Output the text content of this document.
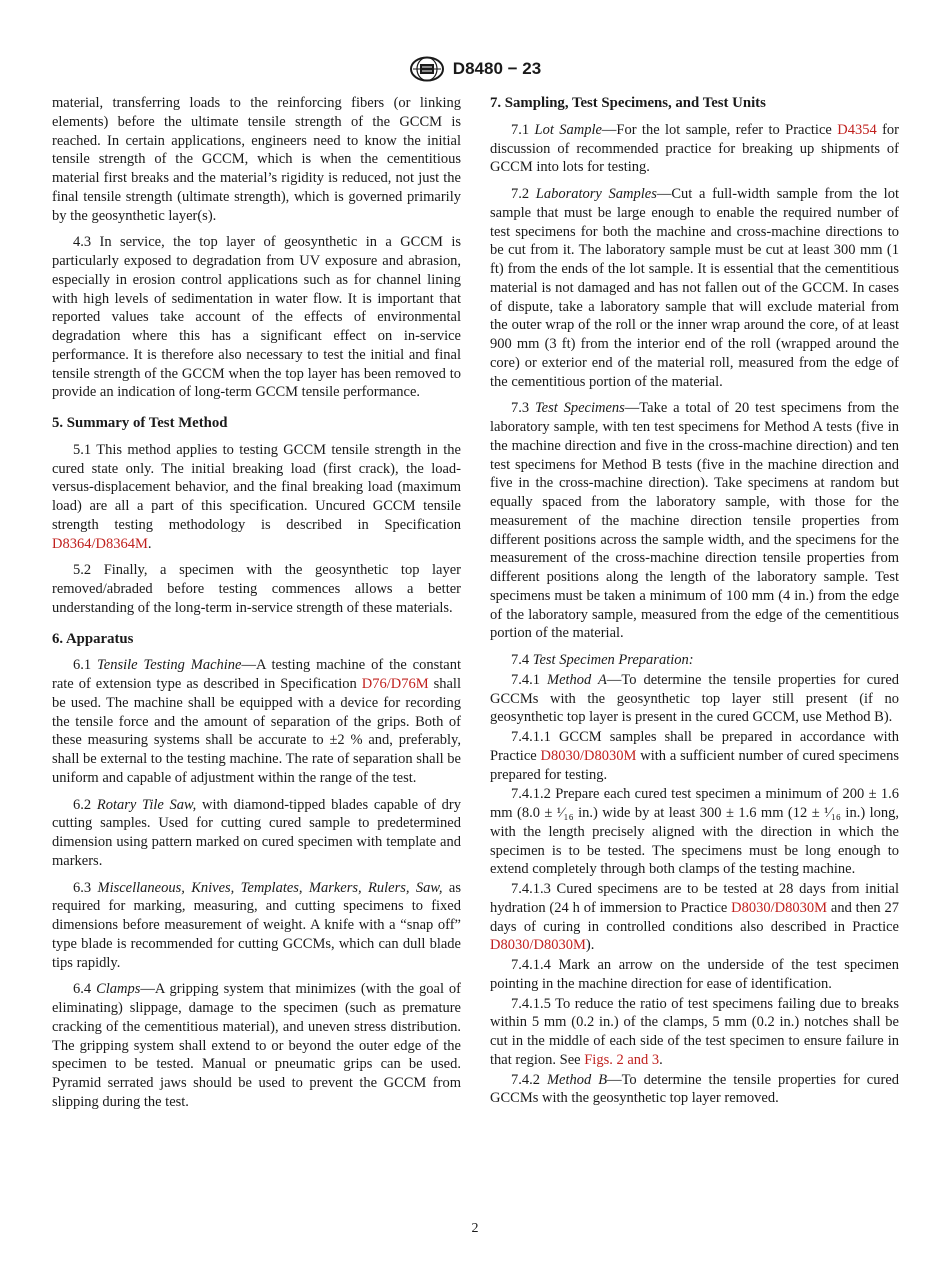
D8480 − 23

material, transferring loads to the reinforcing fibers (or linking elements) before the ultimate tensile strength of the GCCM is reached. In certain applications, engineers need to know the initial tensile strength of the GCCM, which is when the cementitious material first breaks and the material’s rigidity is reduced, not just the final tensile strength (ultimate strength), which is governed primarily by the geosynthetic layer(s).

4.3 In service, the top layer of geosynthetic in a GCCM is particularly exposed to degradation from UV exposure and abrasion, especially in erosion control applications such as for channel lining with high levels of sedimentation in water flow. It is important that reported values take account of the effects of environmental degradation where this has a significant effect on in-service performance. It is therefore also necessary to test the initial and final tensile strength of the GCCM when the top layer has been removed to provide an indication of long-term GCCM tensile performance.

5. Summary of Test Method

5.1 This method applies to testing GCCM tensile strength in the cured state only. The initial breaking load (first crack), the load-versus-displacement behavior, and the final breaking load (maximum load) are all a part of this specification. Uncured GCCM tensile strength testing methodology is described in Specification D8364/D8364M.

5.2 Finally, a specimen with the geosynthetic top layer removed/abraded before testing commences allows a better understanding of the long-term in-service strength of these materials.

6. Apparatus

6.1 Tensile Testing Machine—A testing machine of the constant rate of extension type as described in Specification D76/D76M shall be used. The machine shall be equipped with a device for recording the tensile force and the amount of separation of the grips. Both of these measuring systems shall be accurate to ±2 % and, preferably, shall be external to the testing machine. The rate of separation shall be uniform and capable of adjustment within the range of the test.

6.2 Rotary Tile Saw, with diamond-tipped blades capable of dry cutting samples. Used for cutting cured sample to predetermined dimension using pattern marked on cured specimen with template and markers.

6.3 Miscellaneous, Knives, Templates, Markers, Rulers, Saw, as required for marking, measuring, and cutting specimens to fixed dimensions before measurement of weight. A knife with a “snap off” type blade is recommended for cutting GCCMs, which can dull blade tips rapidly.

6.4 Clamps—A gripping system that minimizes (with the goal of eliminating) slippage, damage to the specimen (such as premature cracking of the cementitious material), and uneven stress distribution. The gripping system shall extend to or beyond the outer edge of the specimen to be tested. Manual or pneumatic grips can be used. Pyramid serrated jaws should be used to prevent the GCCM from slipping during the test.

7. Sampling, Test Specimens, and Test Units

7.1 Lot Sample—For the lot sample, refer to Practice D4354 for discussion of recommended practice for breaking up shipments of GCCM into lots for testing.

7.2 Laboratory Samples—Cut a full-width sample from the lot sample that must be large enough to enable the required number of test specimens for both the machine and cross-machine directions to be cut from it. The laboratory sample must be cut at least 300 mm (1 ft) from the ends of the lot sample. It is essential that the cementitious material is not damaged and has not fallen out of the GCCM. In cases of dispute, take a laboratory sample that will exclude material from the outer wrap of the roll or the inner wrap around the core, of at least 900 mm (3 ft) from the interior end of the roll (wrapped around the core) or exterior end of the material roll, measured from the edge of the cementitious portion of the material.

7.3 Test Specimens—Take a total of 20 test specimens from the laboratory sample, with ten test specimens for Method A tests (five in the machine direction and five in the cross-machine direction) and ten test specimens for Method B tests (five in the machine direction and five in the cross-machine direction). Take specimens at random but equally spaced from the laboratory sample, with those for the measurement of the machine direction tensile properties from different positions across the sample width, and the specimens for the measurement of the cross-machine direction tensile properties from different positions along the length of the laboratory sample. Test specimens must be taken a minimum of 100 mm (4 in.) from the edge of the laboratory sample, measured from the edge of the cementitious portion of the material.

7.4 Test Specimen Preparation:

7.4.1 Method A—To determine the tensile properties for cured GCCMs with the geosynthetic top layer still present (if no geosynthetic top layer is present in the cured GCCM, use Method B).

7.4.1.1 GCCM samples shall be prepared in accordance with Practice D8030/D8030M with a sufficient number of cured specimens prepared for testing.

7.4.1.2 Prepare each cured test specimen a minimum of 200 ± 1.6 mm (8.0 ± ¹⁄₁₆ in.) wide by at least 300 ± 1.6 mm (12 ± ¹⁄₁₆ in.) long, with the length precisely aligned with the direction in which the specimen is to be tested. The specimens must be long enough to extend completely through both clamps of the testing machine.

7.4.1.3 Cured specimens are to be tested at 28 days from initial hydration (24 h of immersion to Practice D8030/D8030M and then 27 days of curing in controlled conditions also described in Practice D8030/D8030M).

7.4.1.4 Mark an arrow on the underside of the test specimen pointing in the machine direction for ease of identification.

7.4.1.5 To reduce the ratio of test specimens failing due to breaks within 5 mm (0.2 in.) of the clamps, 5 mm (0.2 in.) notches shall be cut in the middle of each side of the test specimen to ensure failure in that region. See Figs. 2 and 3.

7.4.2 Method B—To determine the tensile properties for cured GCCMs with the geosynthetic top layer removed.

2
